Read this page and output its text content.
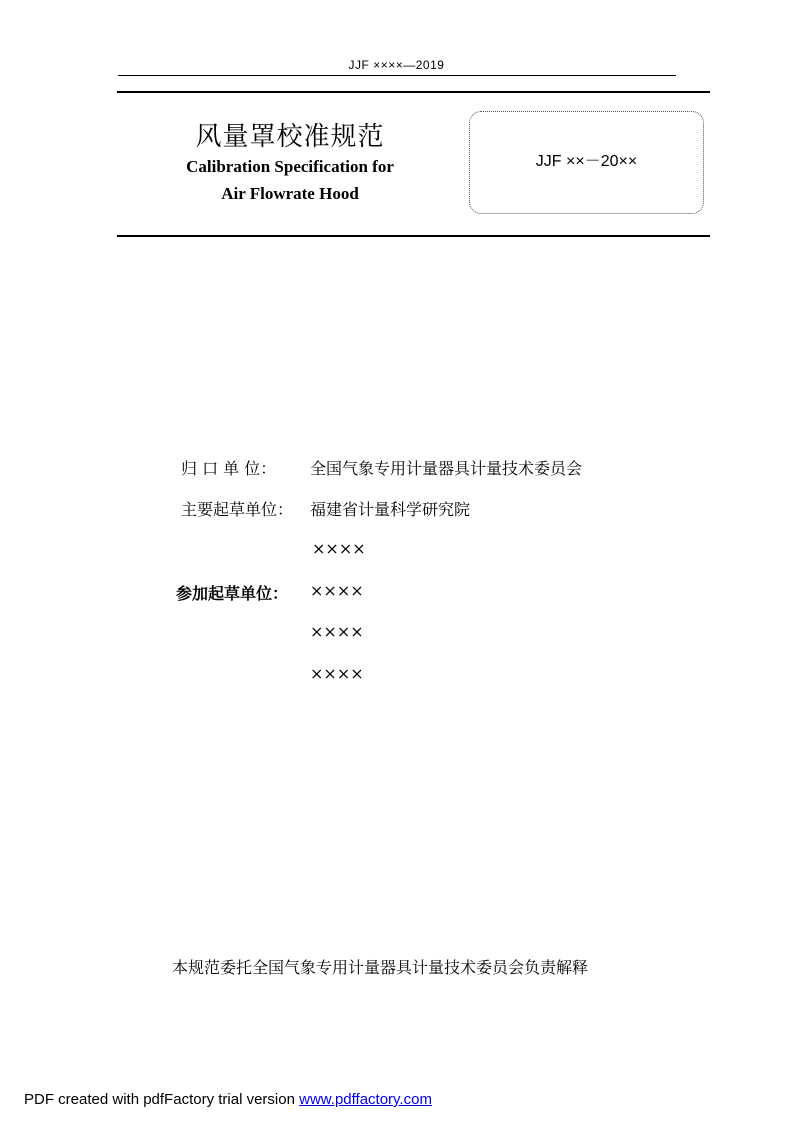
JJF ××××—2019
风量罩校准规范
Calibration Specification for
Air Flowrate Hood
JJF ××－20××
归 口 单 位： 全国气象专用计量器具计量技术委员会
主要起草单位： 福建省计量科学研究院
××××
参加起草单位： ××××
××××
××××
本规范委托全国气象专用计量器具计量技术委员会负责解释
PDF created with pdfFactory trial version www.pdffactory.com
